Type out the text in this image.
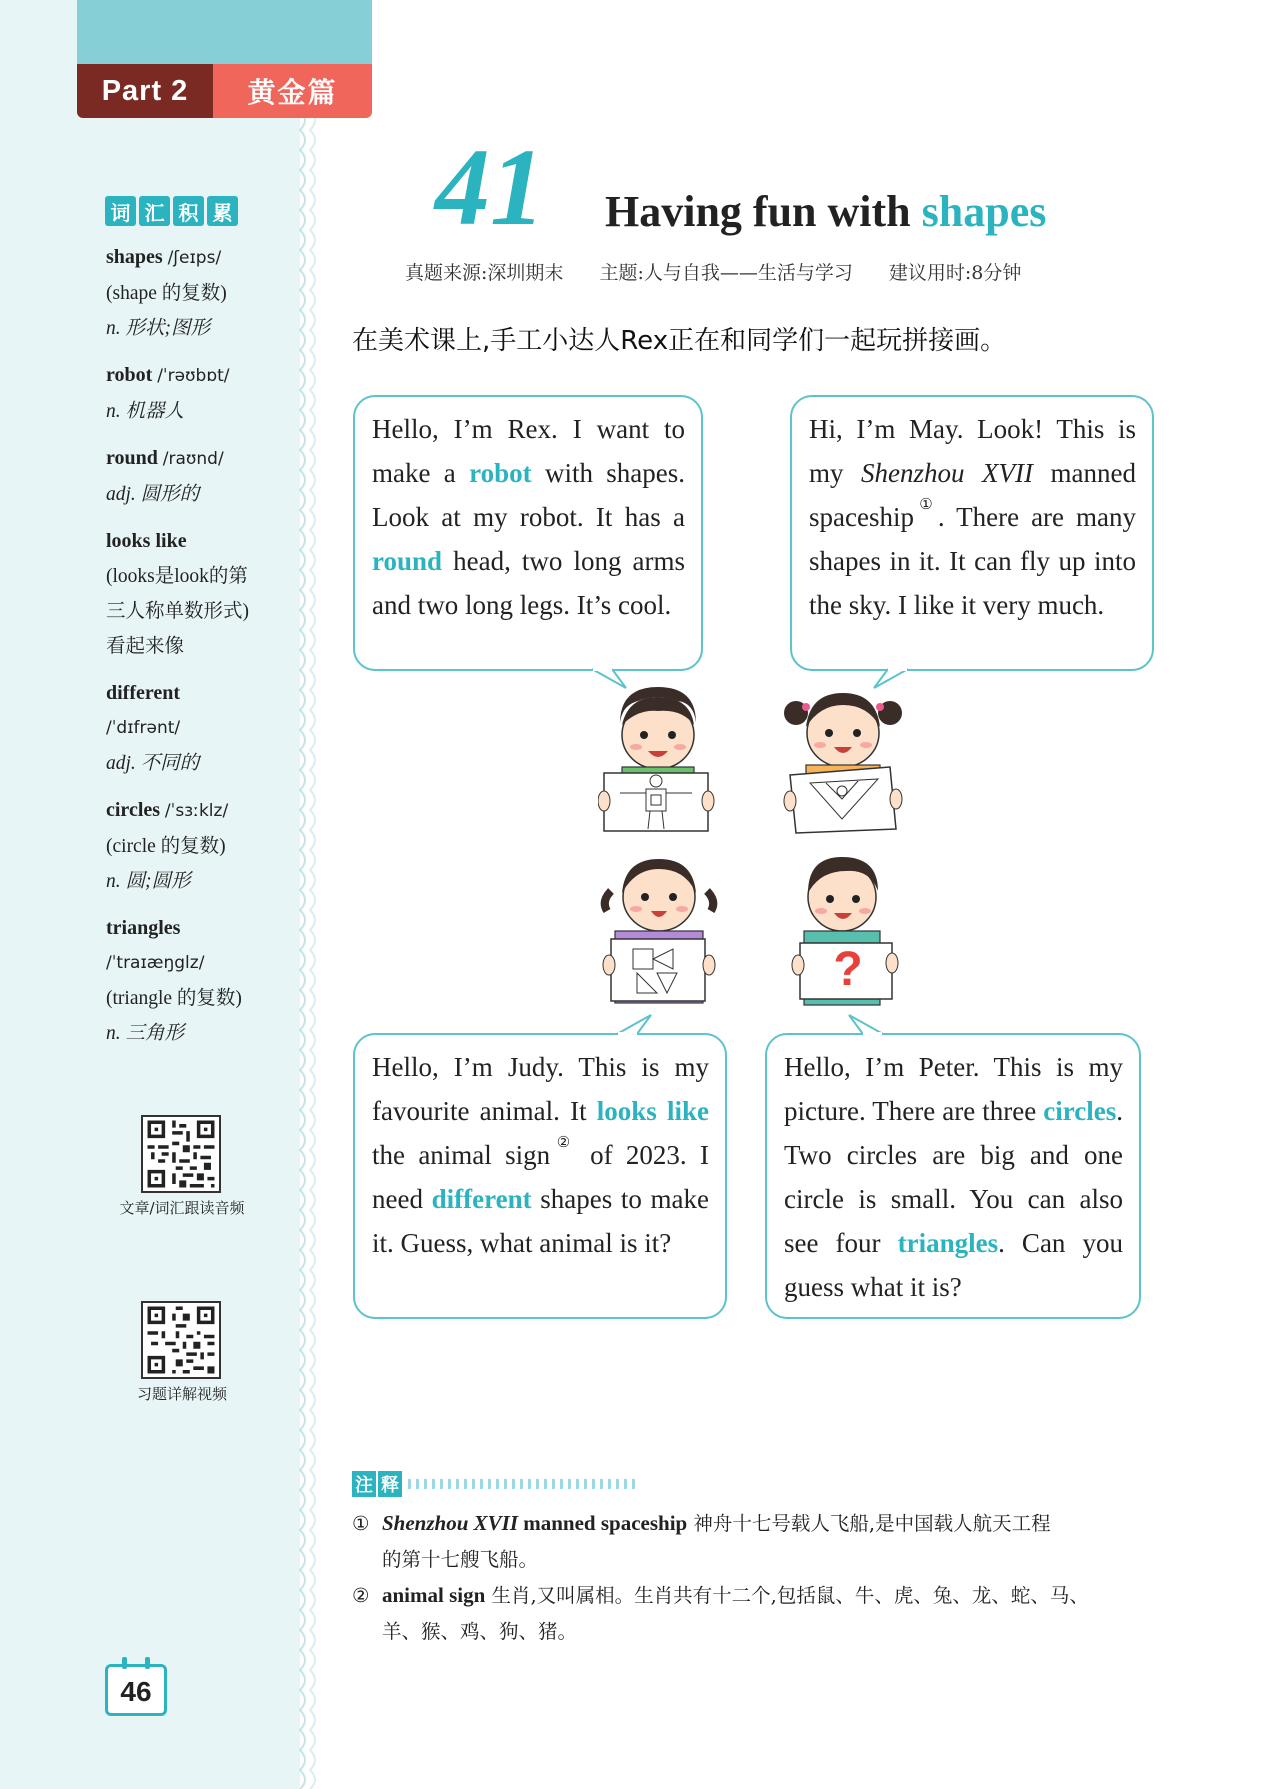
Part 2	黄金篇
词 汇 积 累
shapes /ʃeɪps/
(shape 的复数)
n. 形状;图形
robot /ˈrəʊbɒt/
n. 机器人
round /raʊnd/
adj. 圆形的
looks like
(looks是look的第
三人称单数形式)
看起来像
different
/ˈdɪfrənt/
adj. 不同的
circles /ˈsɜːklz/
(circle 的复数)
n. 圆;圆形
triangles
/ˈtraɪæŋglz/
(triangle 的复数)
n. 三角形
文章/词汇跟读音频
习题详解视频
46
41 Having fun with shapes
真题来源:深圳期末 主题:人与自我——生活与学习 建议用时:8分钟
在美术课上,手工小达人Rex正在和同学们一起玩拼接画。
Hello, I’m Rex. I want to make a robot with shapes. Look at my robot. It has a round head, two long arms and two long legs. It’s cool.
Hi, I’m May. Look! This is my Shenzhou XVII manned spaceship①. There are many shapes in it. It can fly up into the sky. I like it very much.
Hello, I’m Judy. This is my favourite animal. It looks like the animal sign② of 2023. I need different shapes to make it. Guess, what animal is it?
Hello, I’m Peter. This is my picture. There are three circles. Two circles are big and one circle is small. You can also see four triangles. Can you guess what it is?
?
注 释
① Shenzhou XVII manned spaceship 神舟十七号载人飞船,是中国载人航天工程
的第十七艘飞船。
② animal sign 生肖,又叫属相。生肖共有十二个,包括鼠、牛、虎、兔、龙、蛇、马、
羊、猴、鸡、狗、猪。
